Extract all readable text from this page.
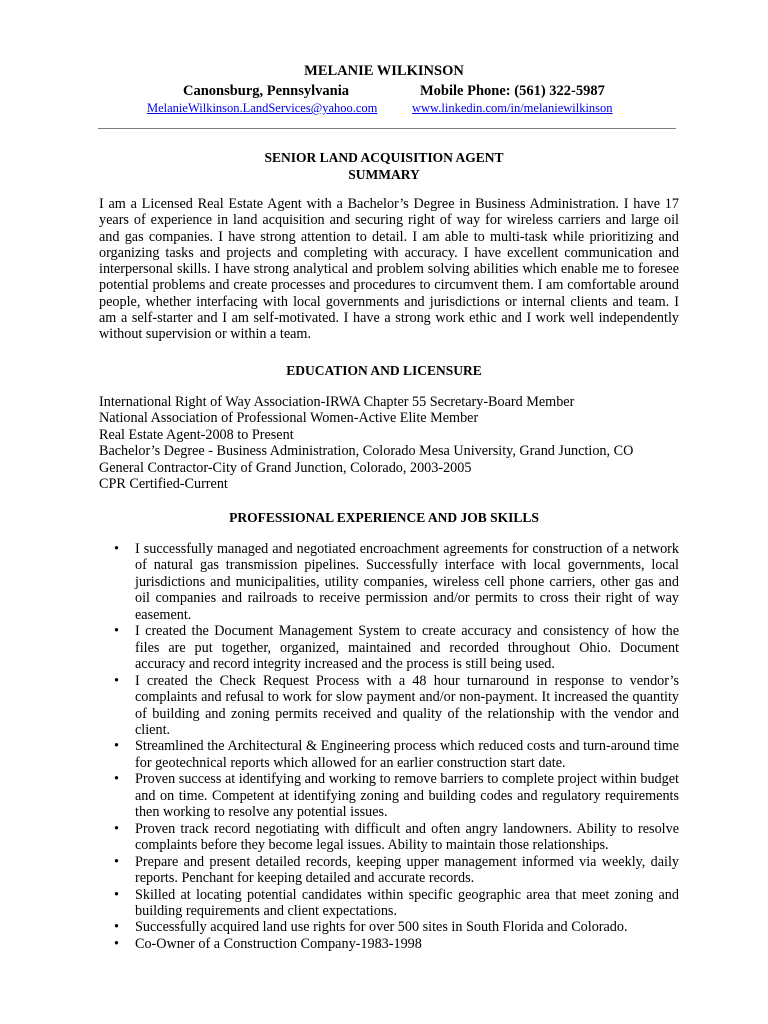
MELANIE WILKINSON
Canonsburg, Pennsylvania	Mobile Phone: (561) 322-5987
MelanieWilkinson.LandServices@yahoo.com	www.linkedin.com/in/melaniewilkinson
SENIOR LAND ACQUISITION AGENT
SUMMARY
I am a Licensed Real Estate Agent with a Bachelor’s Degree in Business Administration. I have 17 years of experience in land acquisition and securing right of way for wireless carriers and large oil and gas companies. I have strong attention to detail. I am able to multi-task while prioritizing and organizing tasks and projects and completing with accuracy. I have excellent communication and interpersonal skills. I have strong analytical and problem solving abilities which enable me to foresee potential problems and create processes and procedures to circumvent them. I am comfortable around people, whether interfacing with local governments and jurisdictions or internal clients and team. I am a self-starter and I am self-motivated. I have a strong work ethic and I work well independently without supervision or within a team.
EDUCATION AND LICENSURE
International Right of Way Association-IRWA Chapter 55 Secretary-Board Member
National Association of Professional Women-Active Elite Member
Real Estate Agent-2008 to Present
Bachelor’s Degree - Business Administration, Colorado Mesa University, Grand Junction, CO
General Contractor-City of Grand Junction, Colorado, 2003-2005
CPR Certified-Current
PROFESSIONAL EXPERIENCE AND JOB SKILLS
• I successfully managed and negotiated encroachment agreements for construction of a network of natural gas transmission pipelines. Successfully interface with local governments, local jurisdictions and municipalities, utility companies, wireless cell phone carriers, other gas and oil companies and railroads to receive permission and/or permits to cross their right of way easement.
• I created the Document Management System to create accuracy and consistency of how the files are put together, organized, maintained and recorded throughout Ohio. Document accuracy and record integrity increased and the process is still being used.
• I created the Check Request Process with a 48 hour turnaround in response to vendor’s complaints and refusal to work for slow payment and/or non-payment. It increased the quantity of building and zoning permits received and quality of the relationship with the vendor and client.
• Streamlined the Architectural & Engineering process which reduced costs and turn-around time for geotechnical reports which allowed for an earlier construction start date.
• Proven success at identifying and working to remove barriers to complete project within budget and on time. Competent at identifying zoning and building codes and regulatory requirements then working to resolve any potential issues.
• Proven track record negotiating with difficult and often angry landowners. Ability to resolve complaints before they become legal issues. Ability to maintain those relationships.
• Prepare and present detailed records, keeping upper management informed via weekly, daily reports. Penchant for keeping detailed and accurate records.
• Skilled at locating potential candidates within specific geographic area that meet zoning and building requirements and client expectations.
• Successfully acquired land use rights for over 500 sites in South Florida and Colorado.
• Co-Owner of a Construction Company-1983-1998
